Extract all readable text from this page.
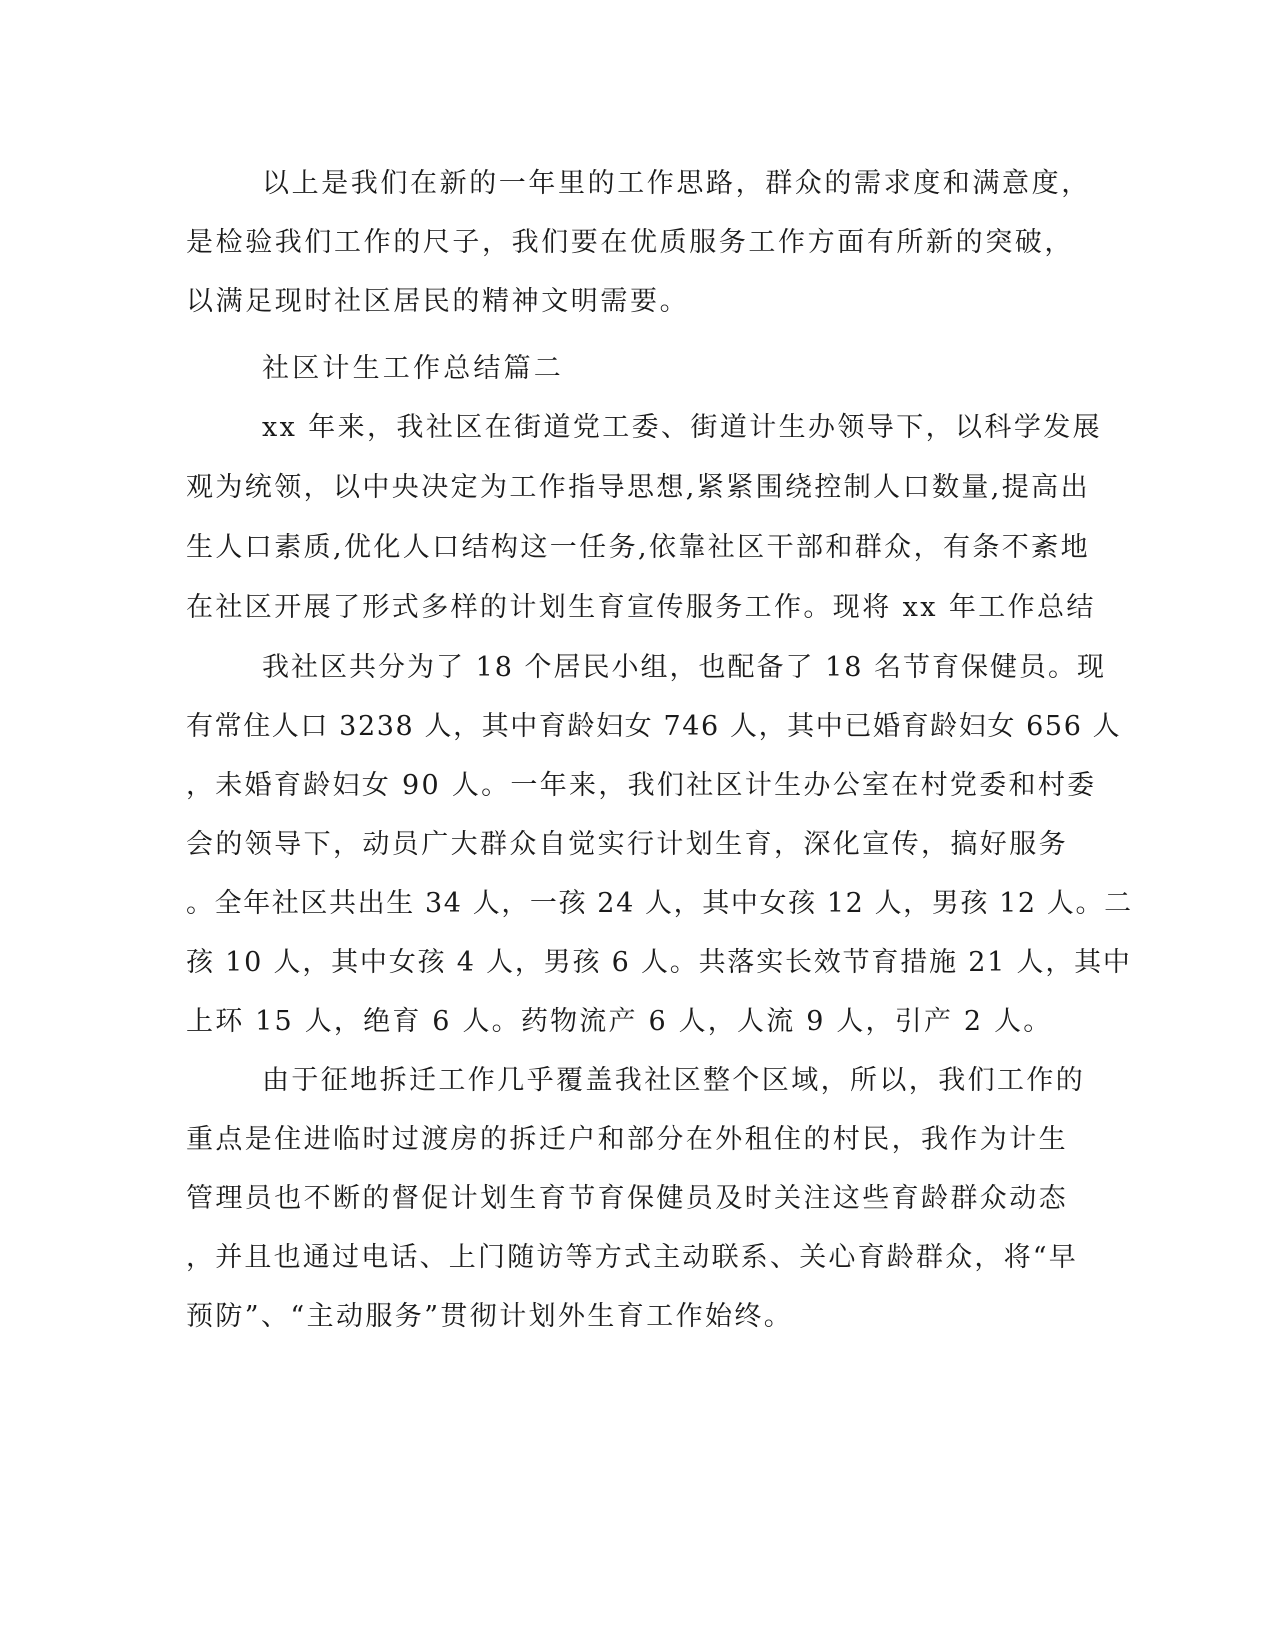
以上是我们在新的一年里的工作思路，群众的需求度和满意度，

是检验我们工作的尺子，我们要在优质服务工作方面有所新的突破，

以满足现时社区居民的精神文明需要。

社区计生工作总结篇二

xx 年来，我社区在街道党工委、街道计生办领导下，以科学发展

观为统领，以中央决定为工作指导思想,紧紧围绕控制人口数量,提高出

生人口素质,优化人口结构这一任务,依靠社区干部和群众，有条不紊地

在社区开展了形式多样的计划生育宣传服务工作。现将 xx 年工作总结

我社区共分为了 18 个居民小组，也配备了 18 名节育保健员。现

有常住人口 3238 人，其中育龄妇女 746 人，其中已婚育龄妇女 656 人

，未婚育龄妇女 90 人。一年来，我们社区计生办公室在村党委和村委

会的领导下，动员广大群众自觉实行计划生育，深化宣传，搞好服务

。全年社区共出生 34 人，一孩 24 人，其中女孩 12 人，男孩 12 人。二

孩 10 人，其中女孩 4 人，男孩 6 人。共落实长效节育措施 21 人，其中

上环 15 人，绝育 6 人。药物流产 6 人，人流 9 人，引产 2 人。

由于征地拆迁工作几乎覆盖我社区整个区域，所以，我们工作的

重点是住进临时过渡房的拆迁户和部分在外租住的村民，我作为计生

管理员也不断的督促计划生育节育保健员及时关注这些育龄群众动态

，并且也通过电话、上门随访等方式主动联系、关心育龄群众，将“早

预防”、“主动服务”贯彻计划外生育工作始终。
